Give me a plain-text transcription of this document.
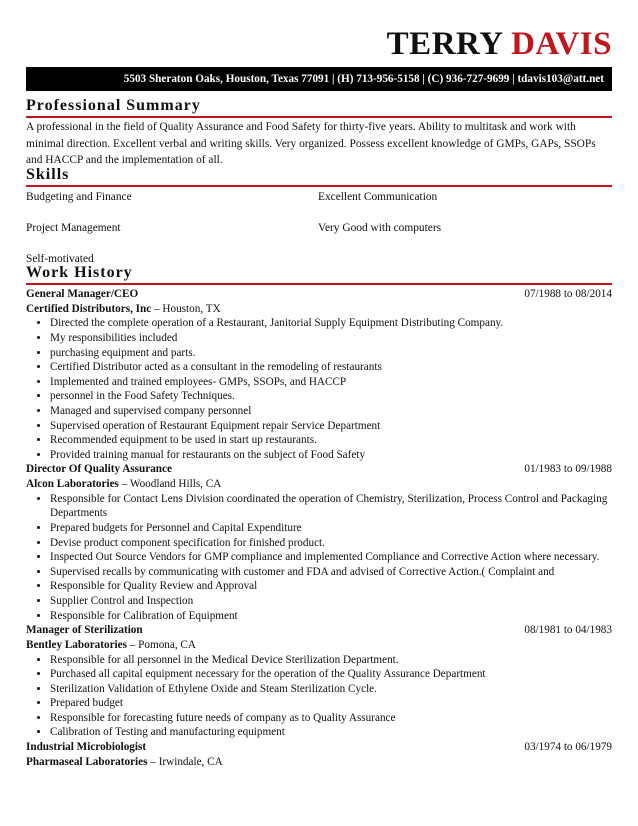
TERRY DAVIS
5503 Sheraton Oaks, Houston, Texas 77091 | (H) 713-956-5158 | (C) 936-727-9699 | tdavis103@att.net
Professional Summary
A professional in the field of Quality Assurance and Food Safety for thirty-five years. Ability to multitask and work with minimal direction. Excellent verbal and writing skills. Very organized. Possess excellent knowledge of GMPs, GAPs, SSOPs and HACCP and the implementation of all.
Skills
Budgeting and Finance	Excellent Communication
Project Management	Very Good with computers
Self-motivated
Work History
General Manager/CEO	07/1988 to 08/2014
Certified Distributors, Inc – Houston, TX
• Directed the complete operation of a Restaurant, Janitorial Supply Equipment Distributing Company.
• My responsibilities included
• purchasing equipment and parts.
• Certified Distributor acted as a consultant in the remodeling of restaurants
• Implemented and trained employees- GMPs, SSOPs, and HACCP
• personnel in the Food Safety Techniques.
• Managed and supervised company personnel
• Supervised operation of Restaurant Equipment repair Service Department
• Recommended equipment to be used in start up restaurants.
• Provided training manual for restaurants on the subject of Food Safety
Director Of Quality Assurance	01/1983 to 09/1988
Alcon Laboratories – Woodland Hills, CA
• Responsible for Contact Lens Division coordinated the operation of Chemistry, Sterilization, Process Control and Packaging Departments
• Prepared budgets for Personnel and Capital Expenditure
• Devise product component specification for finished product.
• Inspected Out Source Vendors for GMP compliance and implemented Compliance and Corrective Action where necessary.
• Supervised recalls by communicating with customer and FDA and advised of Corrective Action.( Complaint and
• Responsible for Quality Review and Approval
• Supplier Control and Inspection
• Responsible for Calibration of Equipment
Manager of Sterilization	08/1981 to 04/1983
Bentley Laboratories – Pomona, CA
• Responsible for all personnel in the Medical Device Sterilization Department.
• Purchased all capital equipment necessary for the operation of the Quality Assurance Department
• Sterilization Validation of Ethylene Oxide and Steam Sterilization Cycle.
• Prepared budget
• Responsible for forecasting future needs of company as to Quality Assurance
• Calibration of Testing and manufacturing equipment
Industrial Microbiologist	03/1974 to 06/1979
Pharmaseal Laboratories – Irwindale, CA
